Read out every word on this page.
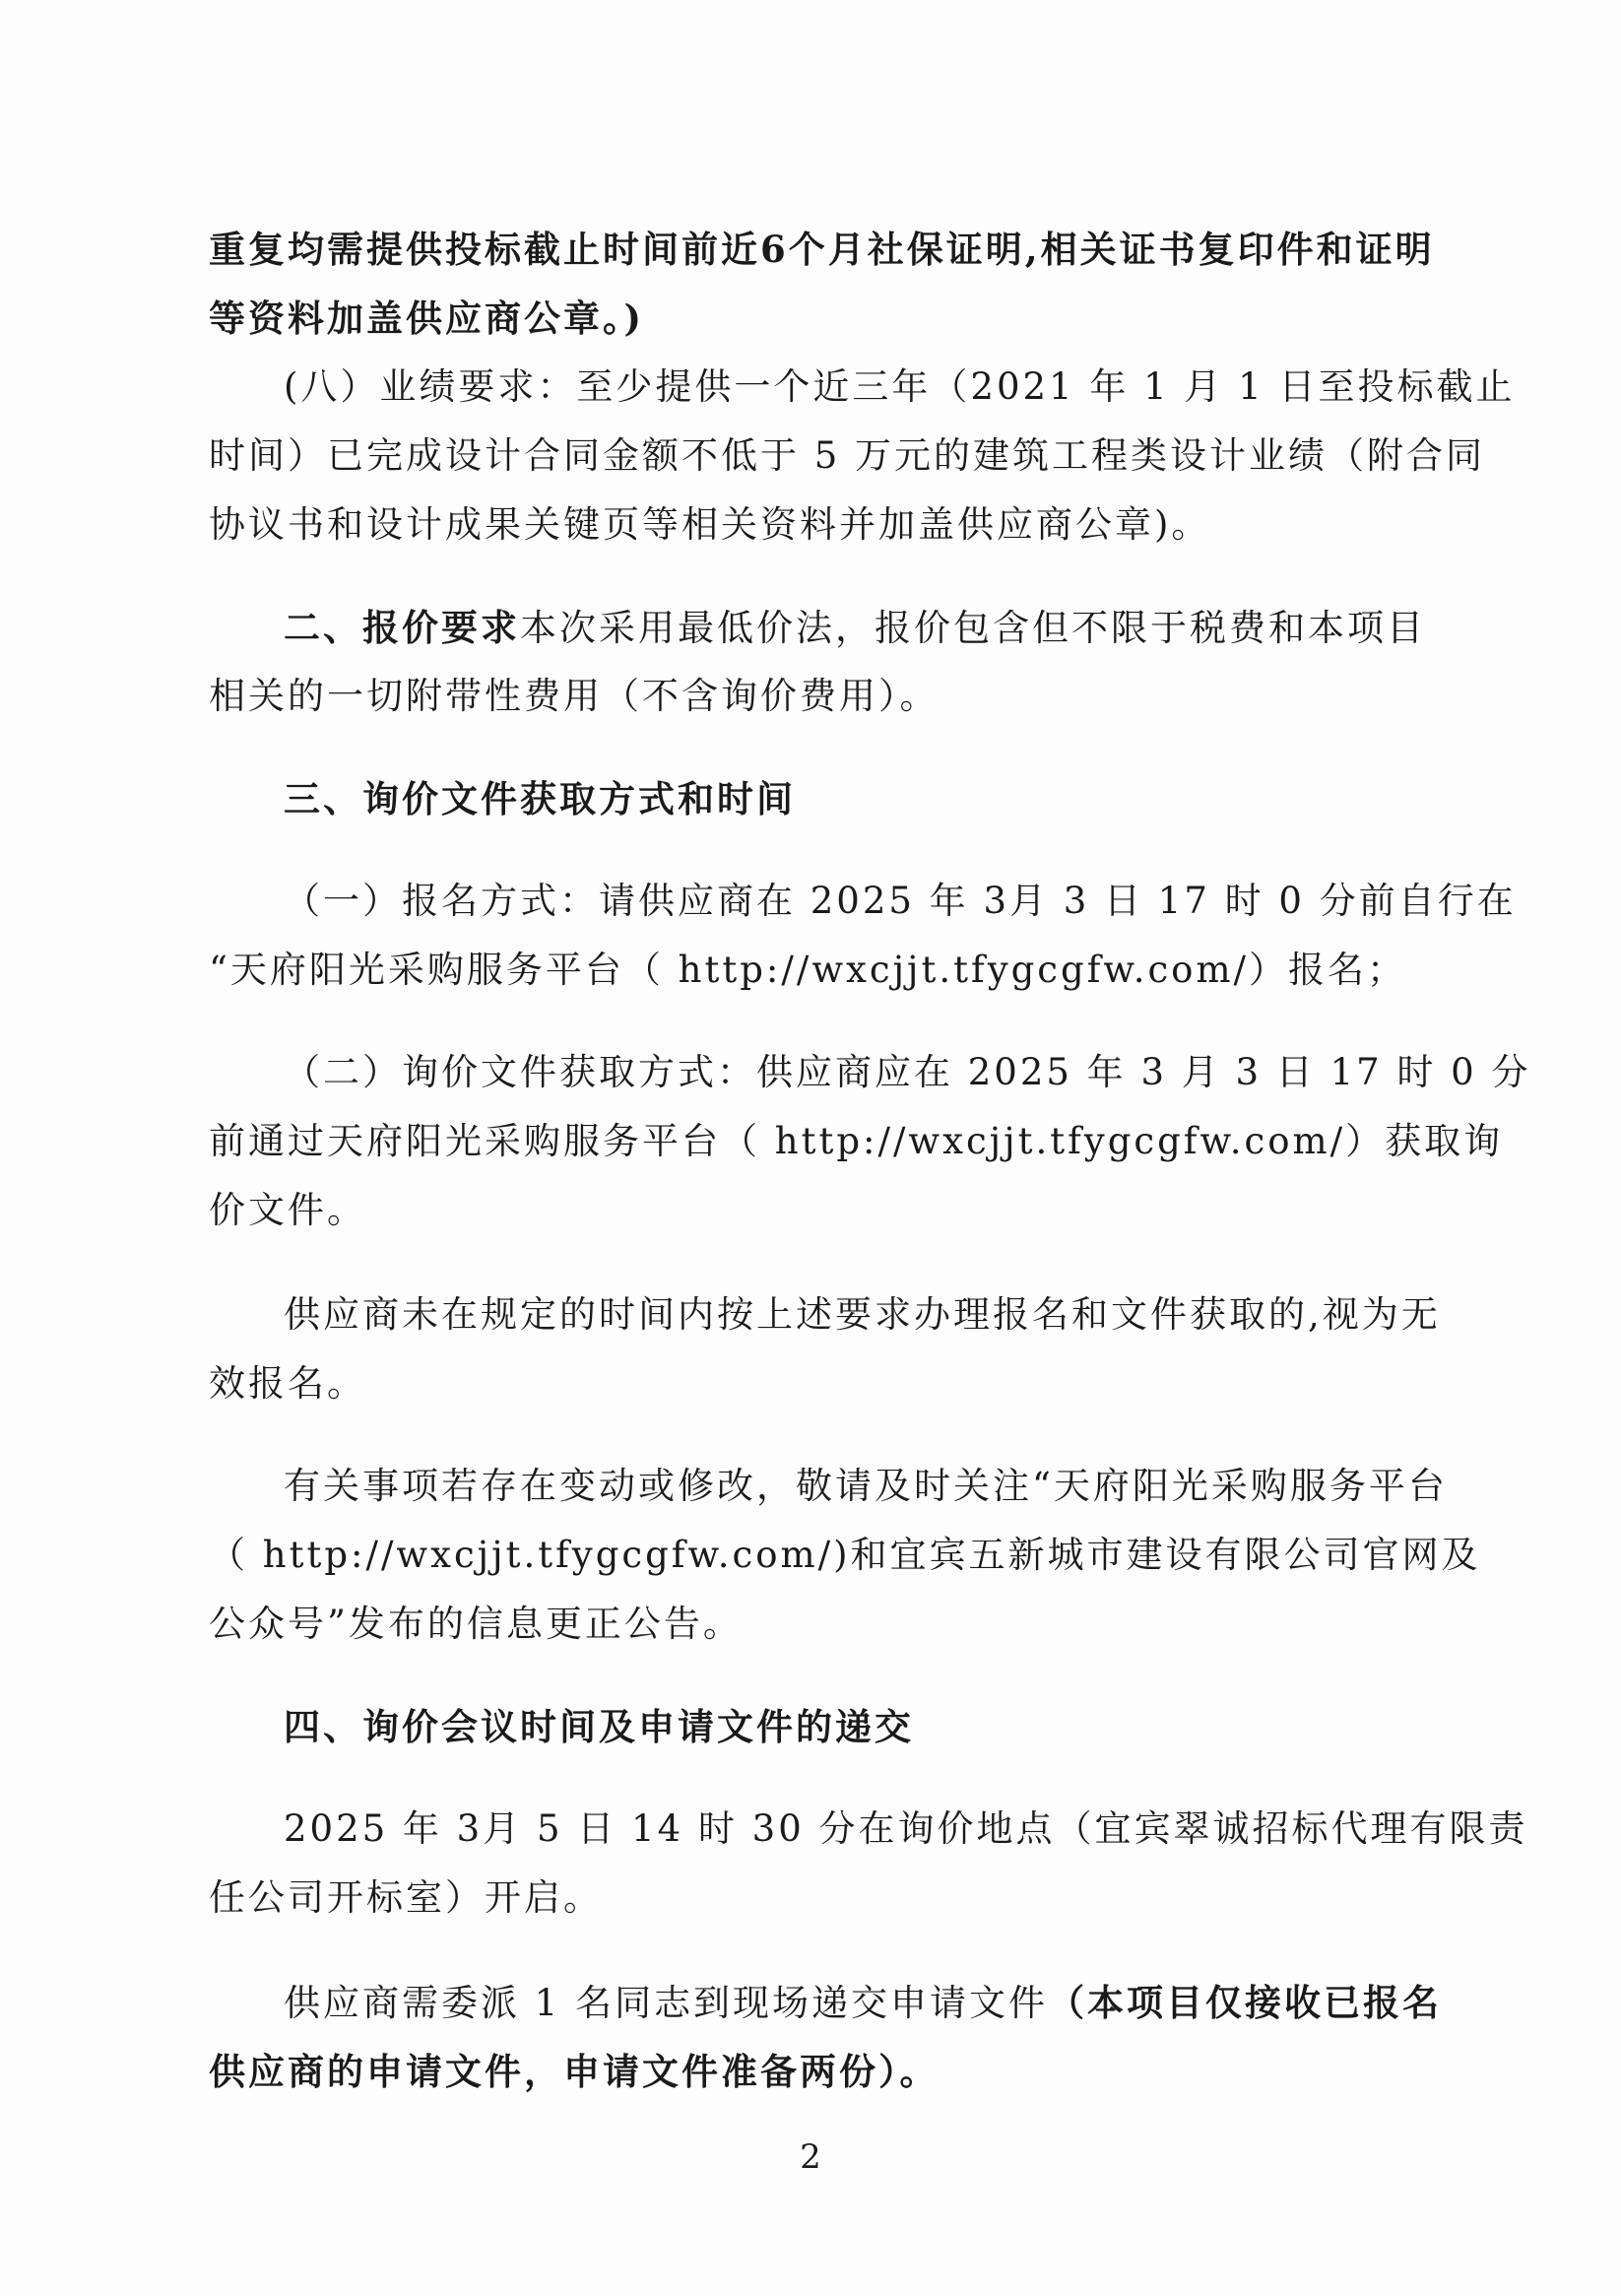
重复均需提供投标截止时间前近6个月社保证明,相关证书复印件和证明
等资料加盖供应商公章。)
(八）业绩要求：至少提供一个近三年（2021 年 1 月 1 日至投标截止
时间）已完成设计合同金额不低于 5 万元的建筑工程类设计业绩（附合同
协议书和设计成果关键页等相关资料并加盖供应商公章)。
二、报价要求本次采用最低价法，报价包含但不限于税费和本项目
相关的一切附带性费用（不含询价费用）。
三、询价文件获取方式和时间
（一）报名方式：请供应商在 2025 年 3月 3 日 17 时 0 分前自行在
“天府阳光采购服务平台（ http://wxcjjt.tfygcgfw.com/）报名；
（二）询价文件获取方式：供应商应在 2025 年 3 月 3 日 17 时 0 分
前通过天府阳光采购服务平台（ http://wxcjjt.tfygcgfw.com/）获取询
价文件。
供应商未在规定的时间内按上述要求办理报名和文件获取的,视为无
效报名。
有关事项若存在变动或修改，敬请及时关注“天府阳光采购服务平台
（ http://wxcjjt.tfygcgfw.com/)和宜宾五新城市建设有限公司官网及
公众号”发布的信息更正公告。
四、询价会议时间及申请文件的递交
2025 年 3月 5 日 14 时 30 分在询价地点（宜宾翠诚招标代理有限责
任公司开标室）开启。
供应商需委派 1 名同志到现场递交申请文件（本项目仅接收已报名
供应商的申请文件，申请文件准备两份）。
2
